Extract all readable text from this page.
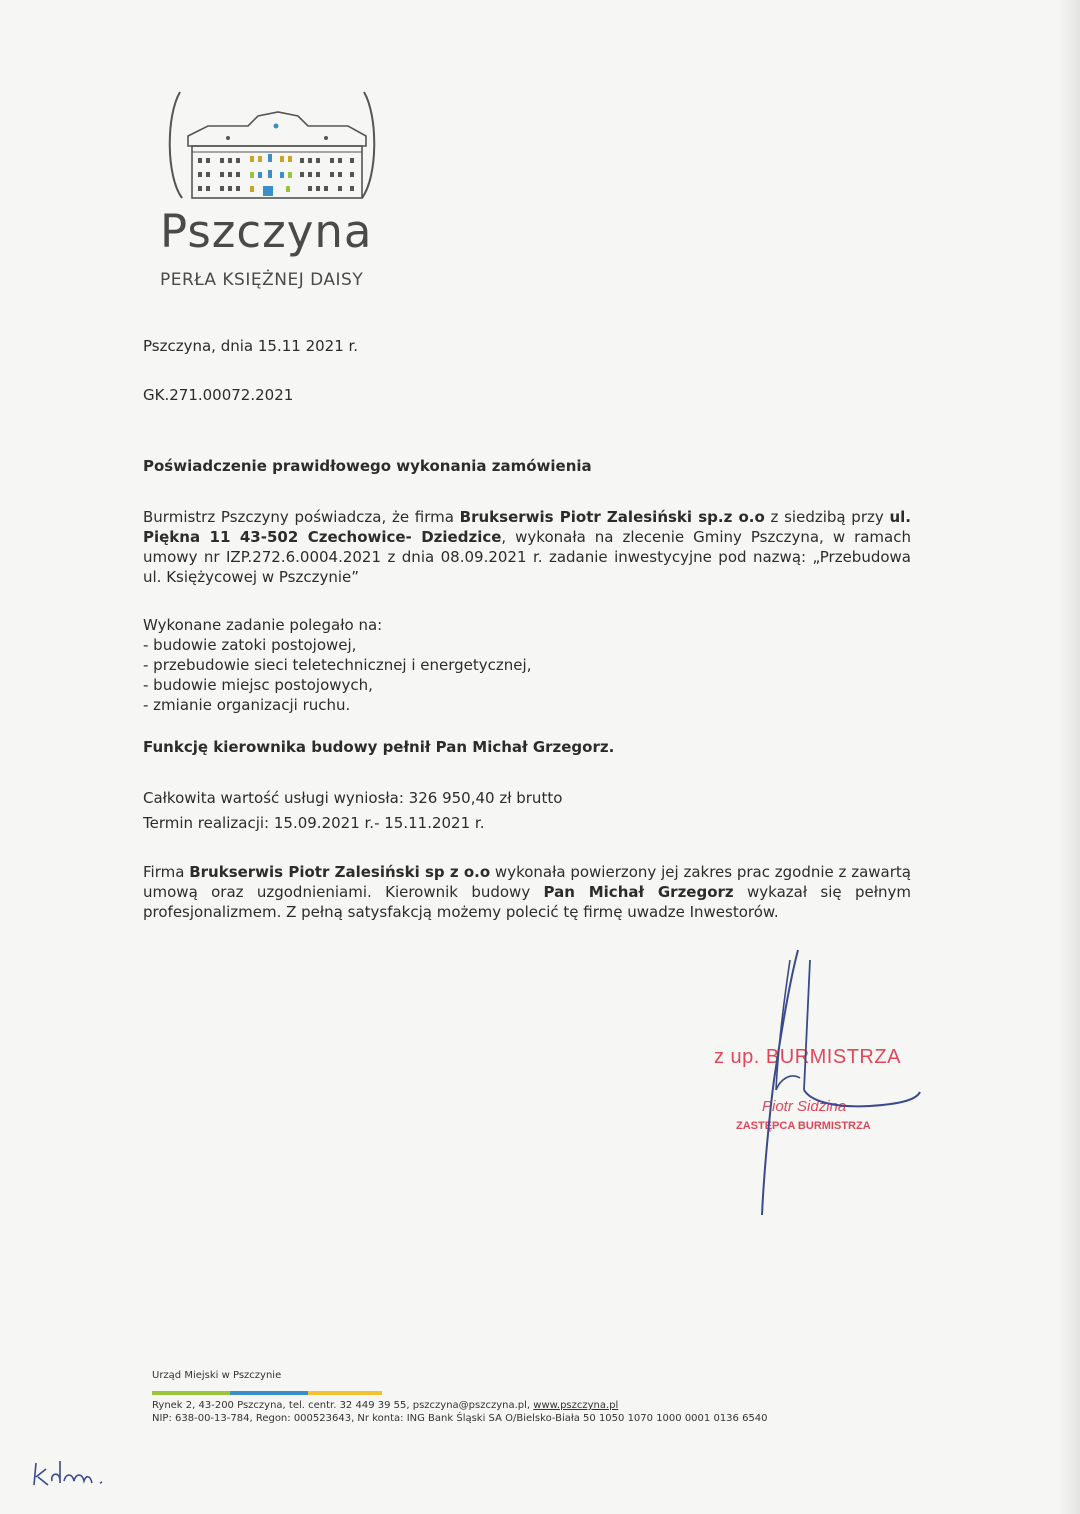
Pszczyna
PERŁA KSIĘŻNEJ DAISY

Pszczyna, dnia 15.11 2021 r.

GK.271.00072.2021

Poświadczenie prawidłowego wykonania zamówienia

Burmistrz Pszczyny poświadcza, że firma Brukserwis Piotr Zalesiński sp.z o.o z siedzibą przy ul. Piękna 11 43-502 Czechowice- Dziedzice, wykonała na zlecenie Gminy Pszczyna, w ramach umowy nr IZP.272.6.0004.2021 z dnia 08.09.2021 r. zadanie inwestycyjne pod nazwą: „Przebudowa ul. Księżycowej w Pszczynie”

Wykonane zadanie polegało na:
- budowie zatoki postojowej,
- przebudowie sieci teletechnicznej i energetycznej,
- budowie miejsc postojowych,
- zmianie organizacji ruchu.

Funkcję kierownika budowy pełnił Pan Michał Grzegorz.

Całkowita wartość usługi wyniosła: 326 950,40 zł brutto

Termin realizacji: 15.09.2021 r.- 15.11.2021 r.

Firma Brukserwis Piotr Zalesiński sp z o.o wykonała powierzony jej zakres prac zgodnie z zawartą umową oraz uzgodnieniami. Kierownik budowy Pan Michał Grzegorz wykazał się pełnym profesjonalizmem. Z pełną satysfakcją możemy polecić tę firmę uwadze Inwestorów.

z up. BURMISTRZA
Piotr Sidzina
ZASTĘPCA BURMISTRZA
Urząd Miejski w Pszczynie
Rynek 2, 43-200 Pszczyna, tel. centr. 32 449 39 55, pszczyna@pszczyna.pl, www.pszczyna.pl
NIP: 638-00-13-784, Regon: 000523643, Nr konta: ING Bank Śląski SA O/Bielsko-Biała 50 1050 1070 1000 0001 0136 6540
